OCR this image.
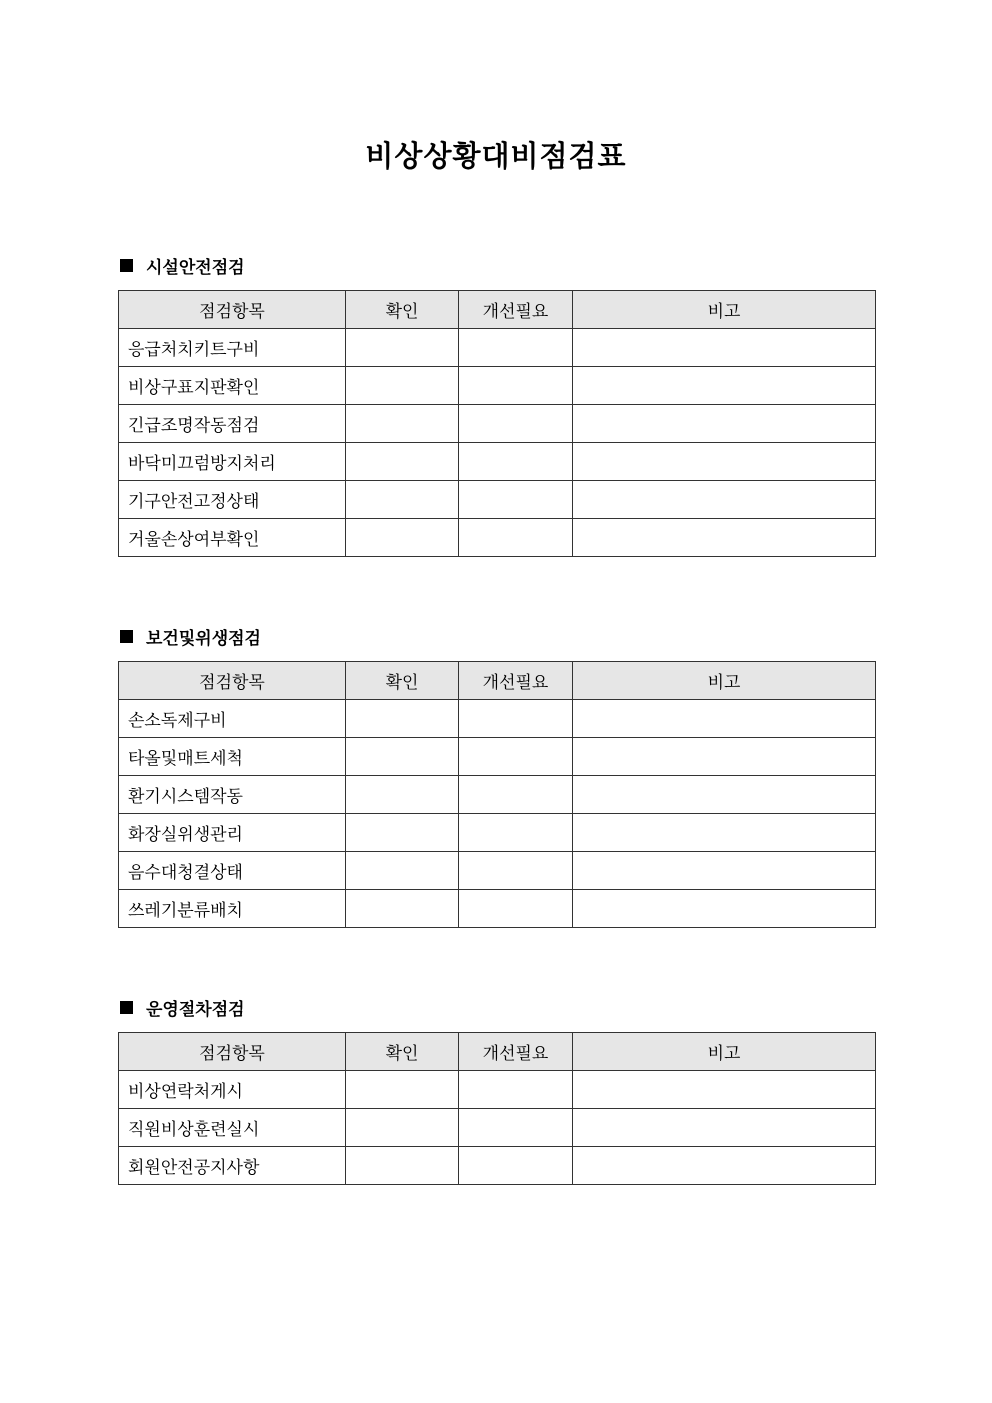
비상상황대비점검표
시설안전점검
점검항목	확인	개선필요	비고
응급처치키트구비			
비상구표지판확인			
긴급조명작동점검			
바닥미끄럼방지처리			
기구안전고정상태			
거울손상여부확인			
보건및위생점검
점검항목	확인	개선필요	비고
손소독제구비			
타올및매트세척			
환기시스템작동			
화장실위생관리			
음수대청결상태			
쓰레기분류배치			
운영절차점검
점검항목	확인	개선필요	비고
비상연락처게시			
직원비상훈련실시			
회원안전공지사항			
